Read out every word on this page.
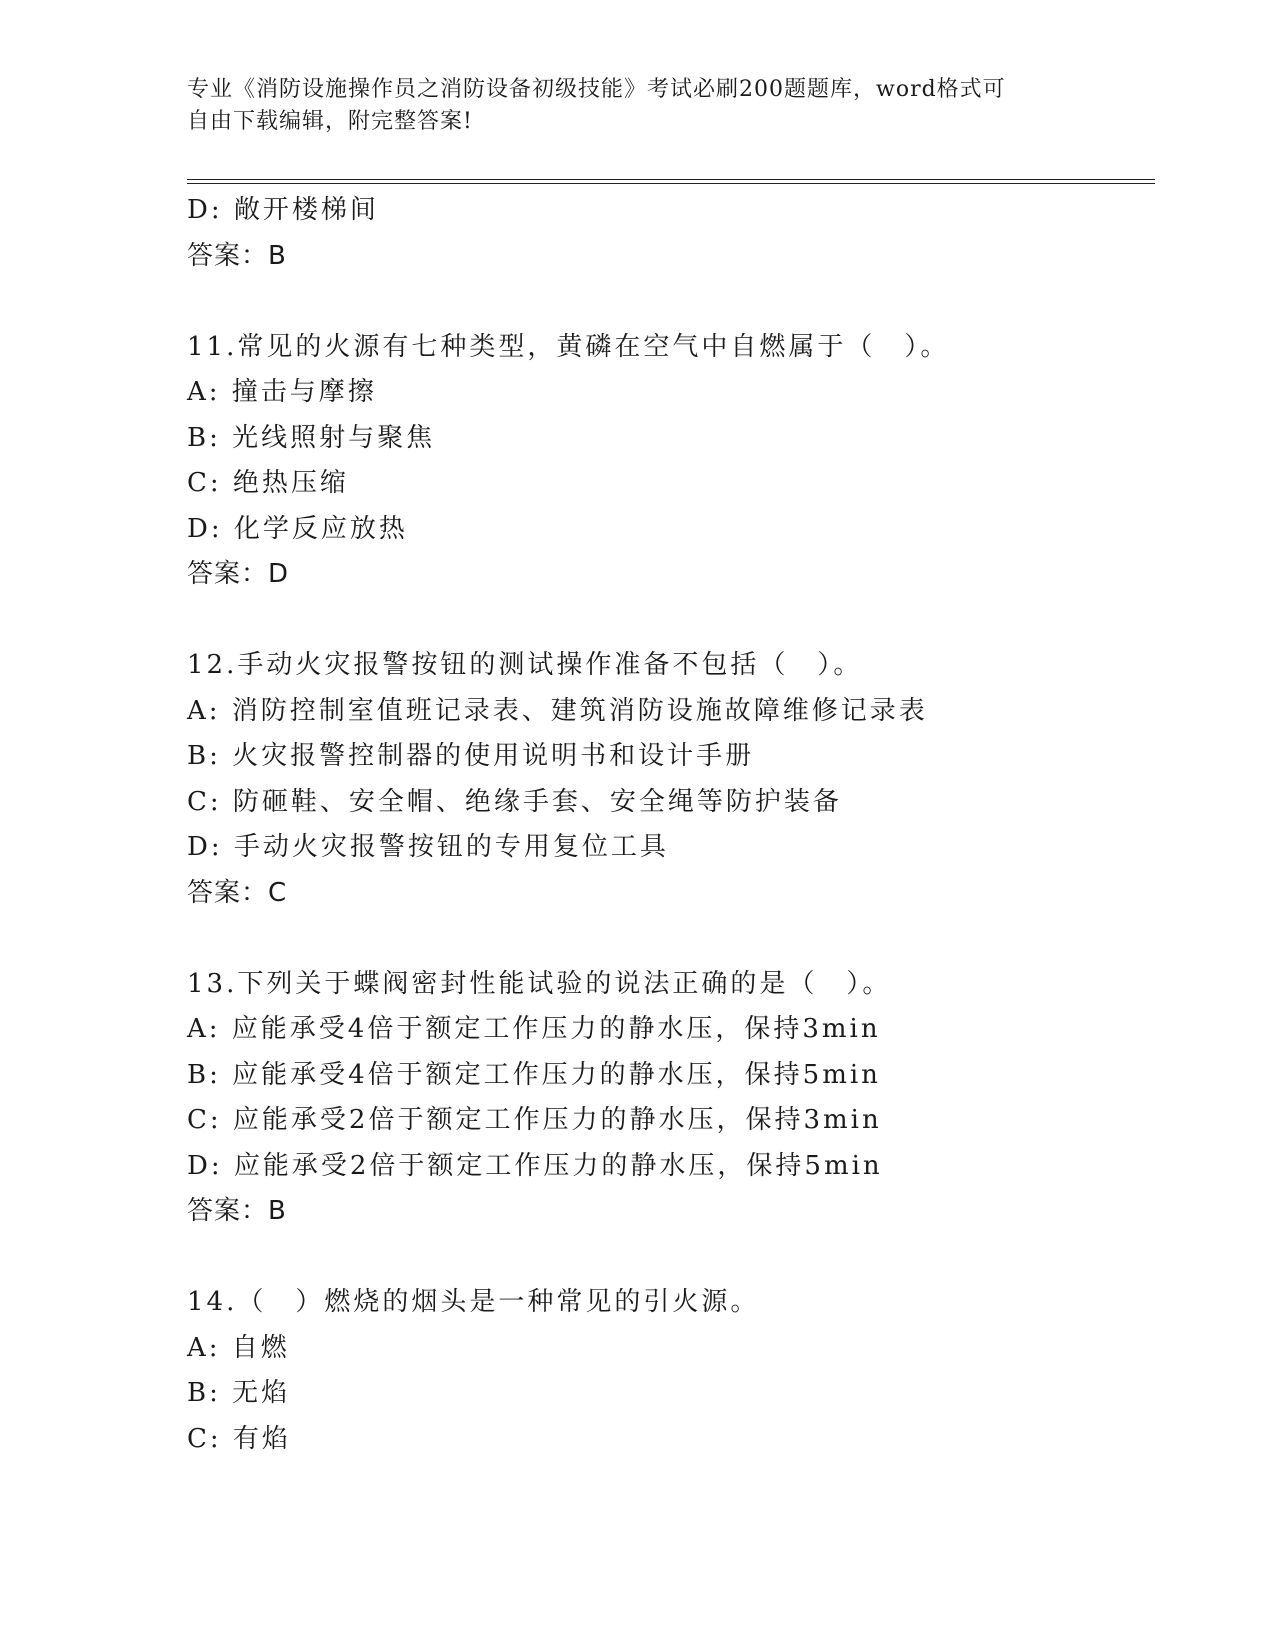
专业《消防设施操作员之消防设备初级技能》考试必刷200题题库，word格式可
自由下载编辑，附完整答案!
D: 敞开楼梯间
答案：B
11.常见的火源有七种类型，黄磷在空气中自燃属于（　）。
A: 撞击与摩擦
B: 光线照射与聚焦
C: 绝热压缩
D: 化学反应放热
答案：D
12.手动火灾报警按钮的测试操作准备不包括（　）。
A: 消防控制室值班记录表、建筑消防设施故障维修记录表
B: 火灾报警控制器的使用说明书和设计手册
C: 防砸鞋、安全帽、绝缘手套、安全绳等防护装备
D: 手动火灾报警按钮的专用复位工具
答案：C
13.下列关于蝶阀密封性能试验的说法正确的是（　）。
A: 应能承受4倍于额定工作压力的静水压，保持3min
B: 应能承受4倍于额定工作压力的静水压，保持5min
C: 应能承受2倍于额定工作压力的静水压，保持3min
D: 应能承受2倍于额定工作压力的静水压，保持5min
答案：B
14.（　）燃烧的烟头是一种常见的引火源。
A: 自燃
B: 无焰
C: 有焰
